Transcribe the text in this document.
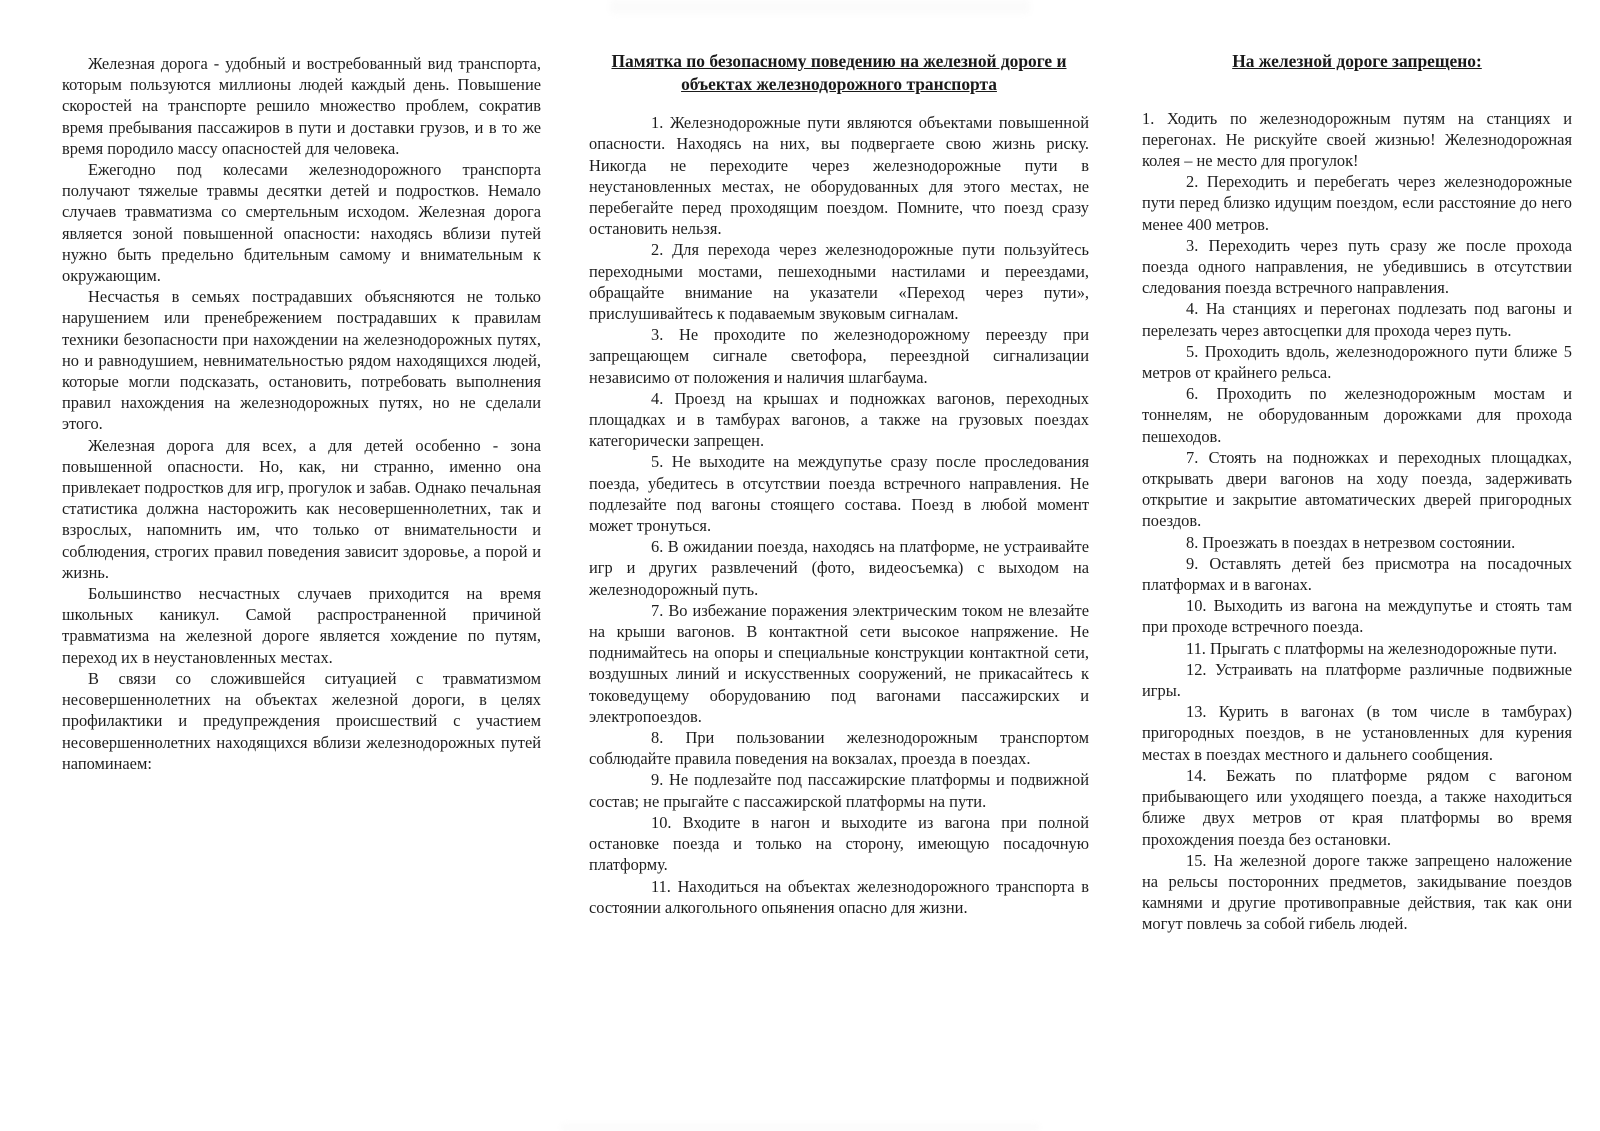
Железная дорога - удобный и востребованный вид транспорта, которым пользуются миллионы людей каждый день. Повышение скоростей на транспорте решило множество проблем, сократив время пребывания пассажиров в пути и доставки грузов, и в то же время породило массу опасностей для человека.

Ежегодно под колесами железнодорожного транспорта получают тяжелые травмы десятки детей и подростков. Немало случаев травматизма со смертельным исходом. Железная дорога является зоной повышенной опасности: находясь вблизи путей нужно быть предельно бдительным самому и внимательным к окружающим.

Несчастья в семьях пострадавших объясняются не только нарушением или пренебрежением пострадавших к правилам техники безопасности при нахождении на железнодорожных путях, но и равнодушием, невнимательностью рядом находящихся людей, которые могли подсказать, остановить, потребовать выполнения правил нахождения на железнодорожных путях, но не сделали этого.

Железная дорога для всех, а для детей особенно - зона повышенной опасности. Но, как, ни странно, именно она привлекает подростков для игр, прогулок и забав. Однако печальная статистика должна насторожить как несовершеннолетних, так и взрослых, напомнить им, что только от внимательности и соблюдения, строгих правил поведения зависит здоровье, а порой и жизнь.

Большинство несчастных случаев приходится на время школьных каникул. Самой распространенной причиной травматизма на железной дороге является хождение по путям, переход их в неустановленных местах.

В связи со сложившейся ситуацией с травматизмом несовершеннолетних на объектах железной дороги, в целях профилактики и предупреждения происшествий с участием несовершеннолетних находящихся вблизи железнодорожных путей напоминаем:

Памятка по безопасному поведению на железной дороге и
объектах железнодорожного транспорта

1. Железнодорожные пути являются объектами повышенной опасности. Находясь на них, вы подвергаете свою жизнь риску. Никогда не переходите через железнодорожные пути в неустановленных местах, не оборудованных для этого местах, не перебегайте перед проходящим поездом. Помните, что поезд сразу остановить нельзя.

2. Для перехода через железнодорожные пути пользуйтесь переходными мостами, пешеходными настилами и переездами, обращайте внимание на указатели «Переход через пути», прислушивайтесь к подаваемым звуковым сигналам.

3. Не проходите по железнодорожному переезду при запрещающем сигнале светофора, переездной сигнализации независимо от положения и наличия шлагбаума.

4. Проезд на крышах и подножках вагонов, переходных площадках и в тамбурах вагонов, а также на грузовых поездах категорически запрещен.

5. Не выходите на междупутье сразу после проследования поезда, убедитесь в отсутствии поезда встречного направления. Не подлезайте под вагоны стоящего состава. Поезд в любой момент может тронуться.

6. В ожидании поезда, находясь на платформе, не устраивайте игр и других развлечений (фото, видеосъемка) с выходом на железнодорожный путь.

7. Во избежание поражения электрическим током не влезайте на крыши вагонов. В контактной сети высокое напряжение. Не поднимайтесь на опоры и специальные конструкции контактной сети, воздушных линий и искусственных сооружений, не прикасайтесь к токоведущему оборудованию под вагонами пассажирских и электропоездов.

8. При пользовании железнодорожным транспортом соблюдайте правила поведения на вокзалах, проезда в поездах.

9. Не подлезайте под пассажирские платформы и подвижной состав; не прыгайте с пассажирской платформы на пути.

10. Входите в нагон и выходите из вагона при полной остановке поезда и только на сторону, имеющую посадочную платформу.

11. Находиться на объектах железнодорожного транспорта в состоянии алкогольного опьянения опасно для жизни.

На железной дороге запрещено:

1. Ходить по железнодорожным путям на станциях и перегонах. Не рискуйте своей жизнью! Железнодорожная колея – не место для прогулок!

2. Переходить и перебегать через железнодорожные пути перед близко идущим поездом, если расстояние до него менее 400 метров.

3. Переходить через путь сразу же после прохода поезда одного направления, не убедившись в отсутствии следования поезда встречного направления.

4. На станциях и перегонах подлезать под вагоны и перелезать через автосцепки для прохода через путь.

5. Проходить вдоль, железнодорожного пути ближе 5 метров от крайнего рельса.

6. Проходить по железнодорожным мостам и тоннелям, не оборудованным дорожками для прохода пешеходов.

7. Стоять на подножках и переходных площадках, открывать двери вагонов на ходу поезда, задерживать открытие и закрытие автоматических дверей пригородных поездов.

8. Проезжать в поездах в нетрезвом состоянии.

9. Оставлять детей без присмотра на посадочных платформах и в вагонах.

10. Выходить из вагона на междупутье и стоять там при проходе встречного поезда.

11. Прыгать с платформы на железнодорожные пути.

12. Устраивать на платформе различные подвижные игры.

13. Курить в вагонах (в том числе в тамбурах) пригородных поездов, в не установленных для курения местах в поездах местного и дальнего сообщения.

14. Бежать по платформе рядом с вагоном прибывающего или уходящего поезда, а также находиться ближе двух метров от края платформы во время прохождения поезда без остановки.

15. На железной дороге также запрещено наложение на рельсы посторонних предметов, закидывание поездов камнями и другие противоправные действия, так как они могут повлечь за собой гибель людей.
